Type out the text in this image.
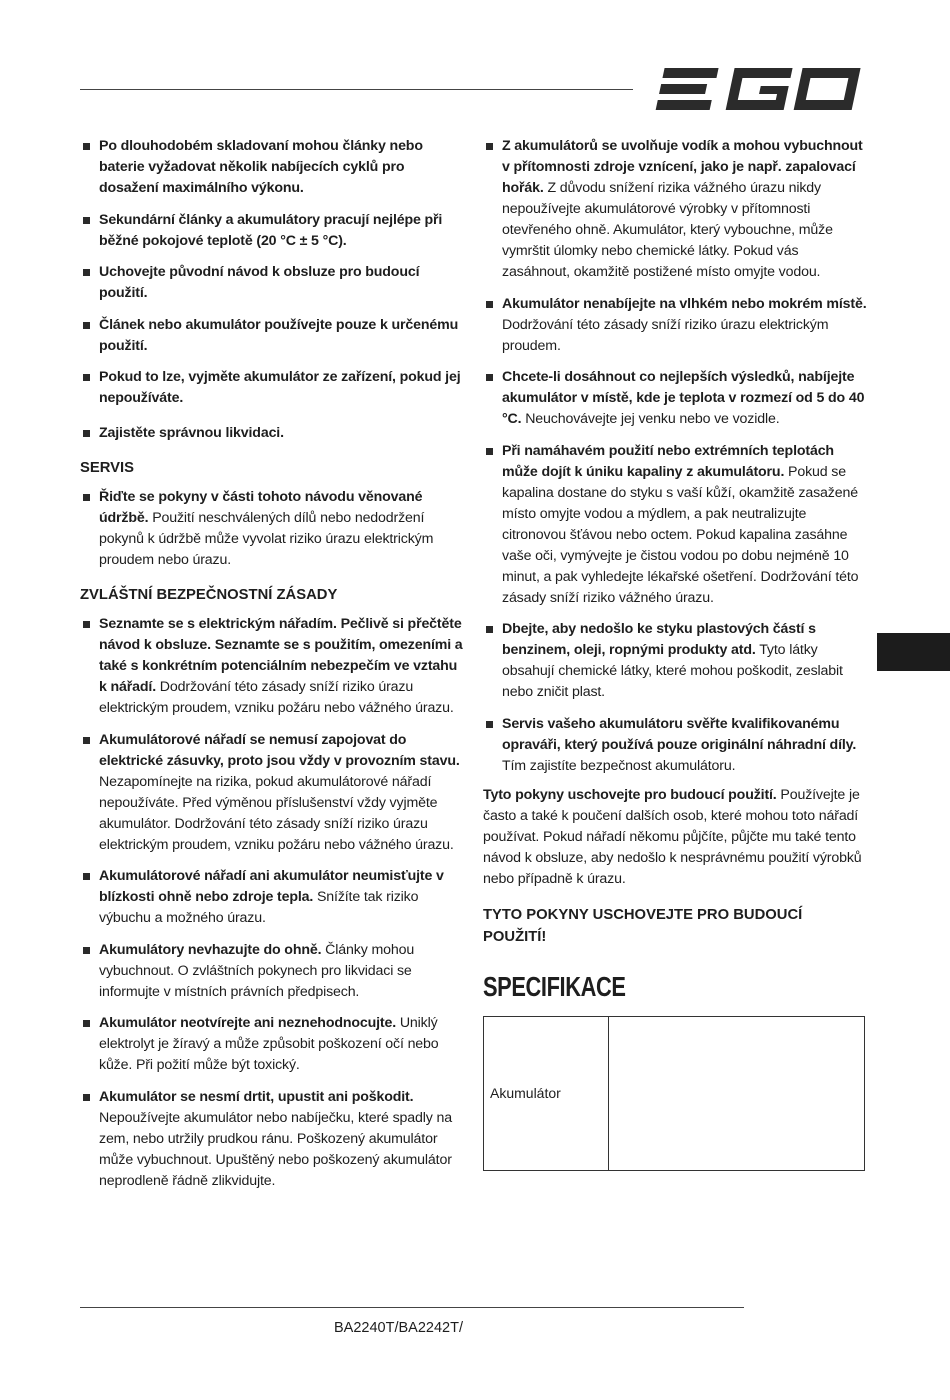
Po dlouhodobém skladovaní mohou články nebo baterie vyžadovat několik nabíjecích cyklů pro dosažení maximálního výkonu.
Sekundární články a akumulátory pracují nejlépe při běžné pokojové teplotě (20 °C ± 5 °C).
Uchovejte původní návod k obsluze pro budoucí použití.
Článek nebo akumulátor používejte pouze k určenému použití.
Pokud to lze, vyjměte akumulátor ze zařízení, pokud jej nepoužíváte.
Zajistěte správnou likvidaci.
SERVIS
Řiďte se pokyny v části tohoto návodu věnované údržbě. Použití neschválených dílů nebo nedodržení pokynů k údržbě může vyvolat riziko úrazu elektrickým proudem nebo úrazu.
ZVLÁŠTNÍ BEZPEČNOSTNÍ ZÁSADY
Seznamte se s elektrickým nářadím. Pečlivě si přečtěte návod k obsluze. Seznamte se s použitím, omezeními a také s konkrétním potenciálním nebezpečím ve vztahu k nářadí. Dodržování této zásady sníží riziko úrazu elektrickým proudem, vzniku požáru nebo vážného úrazu.
Akumulátorové nářadí se nemusí zapojovat do elektrické zásuvky, proto jsou vždy v provozním stavu. Nezapomínejte na rizika, pokud akumulátorové nářadí nepoužíváte. Před výměnou příslušenství vždy vyjměte akumulátor. Dodržování této zásady sníží riziko úrazu elektrickým proudem, vzniku požáru nebo vážného úrazu.
Akumulátorové nářadí ani akumulátor neumisťujte v blízkosti ohně nebo zdroje tepla. Snížíte tak riziko výbuchu a možného úrazu.
Akumulátory nevhazujte do ohně. Články mohou vybuchnout. O zvláštních pokynech pro likvidaci se informujte v místních právních předpisech.
Akumulátor neotvírejte ani neznehodnocujte. Uniklý elektrolyt je žíravý a může způsobit poškození očí nebo kůže. Při požití může být toxický.
Akumulátor se nesmí drtit, upustit ani poškodit. Nepoužívejte akumulátor nebo nabíječku, které spadly na zem, nebo utržily prudkou ránu. Poškozený akumulátor může vybuchnout. Upuštěný nebo poškozený akumulátor neprodleně řádně zlikvidujte.
Z akumulátorů se uvolňuje vodík a mohou vybuchnout v přítomnosti zdroje vznícení, jako je např. zapalovací hořák. Z důvodu snížení rizika vážného úrazu nikdy nepoužívejte akumulátorové výrobky v přítomnosti otevřeného ohně. Akumulátor, který vybouchne, může vymrštit úlomky nebo chemické látky. Pokud vás zasáhnout, okamžitě postižené místo omyjte vodou.
Akumulátor nenabíjejte na vlhkém nebo mokrém místě. Dodržování této zásady sníží riziko úrazu elektrickým proudem.
Chcete-li dosáhnout co nejlepších výsledků, nabíjejte akumulátor v místě, kde je teplota v rozmezí od 5 do 40 °C. Neuchovávejte jej venku nebo ve vozidle.
Při namáhavém použití nebo extrémních teplotách může dojít k úniku kapaliny z akumulátoru. Pokud se kapalina dostane do styku s vaší kůží, okamžitě zasažené místo omyjte vodou a mýdlem, a pak neutralizujte citronovou šťávou nebo octem. Pokud kapalina zasáhne vaše oči, vymývejte je čistou vodou po dobu nejméně 10 minut, a pak vyhledejte lékařské ošetření. Dodržování této zásady sníží riziko vážného úrazu.
Dbejte, aby nedošlo ke styku plastových částí s benzinem, oleji, ropnými produkty atd. Tyto látky obsahují chemické látky, které mohou poškodit, zeslabit nebo zničit plast.
Servis vašeho akumulátoru svěřte kvalifikovanému opraváři, který používá pouze originální náhradní díly. Tím zajistíte bezpečnost akumulátoru.

Tyto pokyny uschovejte pro budoucí použití. Používejte je často a také k poučení dalších osob, které mohou toto nářadí používat. Pokud nářadí někomu půjčíte, půjčte mu také tento návod k obsluze, aby nedošlo k nesprávnému použití výrobků nebo případně k úrazu.

TYTO POKYNY USCHOVEJTE PRO BUDOUCÍ POUŽITÍ!
SPECIFIKACE
Akumulátor	
BA2240T/BA2242T/
